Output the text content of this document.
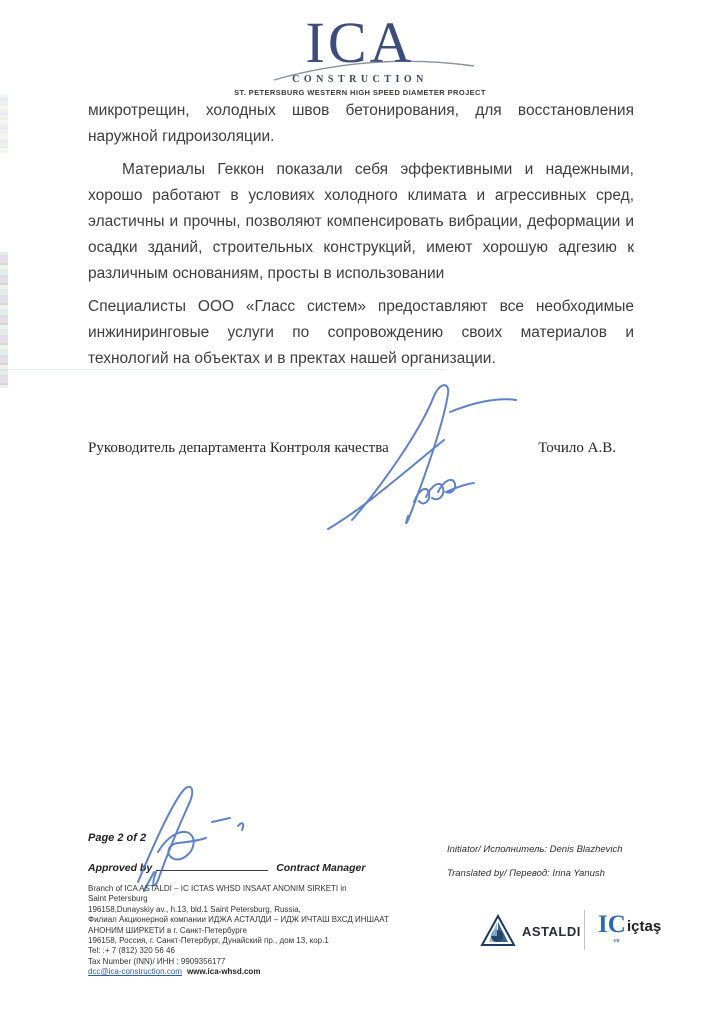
ICA
CONSTRUCTION
ST. PETERSBURG WESTERN HIGH SPEED DIAMETER PROJECT

микротрещин, холодных швов бетонирования, для восстановления наружной гидроизоляции.

Материалы Геккон показали себя эффективными и надежными, хорошо работают в условиях холодного климата и агрессивных сред, эластичны и прочны, позволяют компенсировать вибрации, деформации и осадки зданий, строительных конструкций, имеют хорошую адгезию к различным основаниям, просты в использовании

Специалисты ООО «Гласс систем» предоставляют все необходимые инжиниринговые услуги по сопровождению своих материалов и технологий на объектах и в пректах нашей организации.

Руководитель департамента Контроля качества	Точило А.В.
Page 2 of 2
Approved by	Contract Manager
Initiator/ Исполнитель: Denis Blazhevich
Translated by/ Перевод: Irina Yanush
Branch of ICA ASTALDI – IC ICTAS WHSD INSAAT ANONIM SIRKETI in
Saint Petersburg
196158,Dunayskiy av., h.13, bld.1 Saint Petersburg, Russia,
Филиал Акционерной компании ИДЖА АСТАЛДИ – ИДЖ ИЧТАШ ВХСД ИНШААТ
АНОНИМ ШИРКЕТИ в г. Санкт-Петербурге
196158, Россия, г. Санкт-Петербург, Дунайский пр., дом 13, кор.1
Tel: :+ 7 (812) 320 56 46
Tax Number (INN)/ ИНН : 9909356177
dcc@ica-construction.com www.ica-whsd.com
ASTALDI IC
ce
içtaş
